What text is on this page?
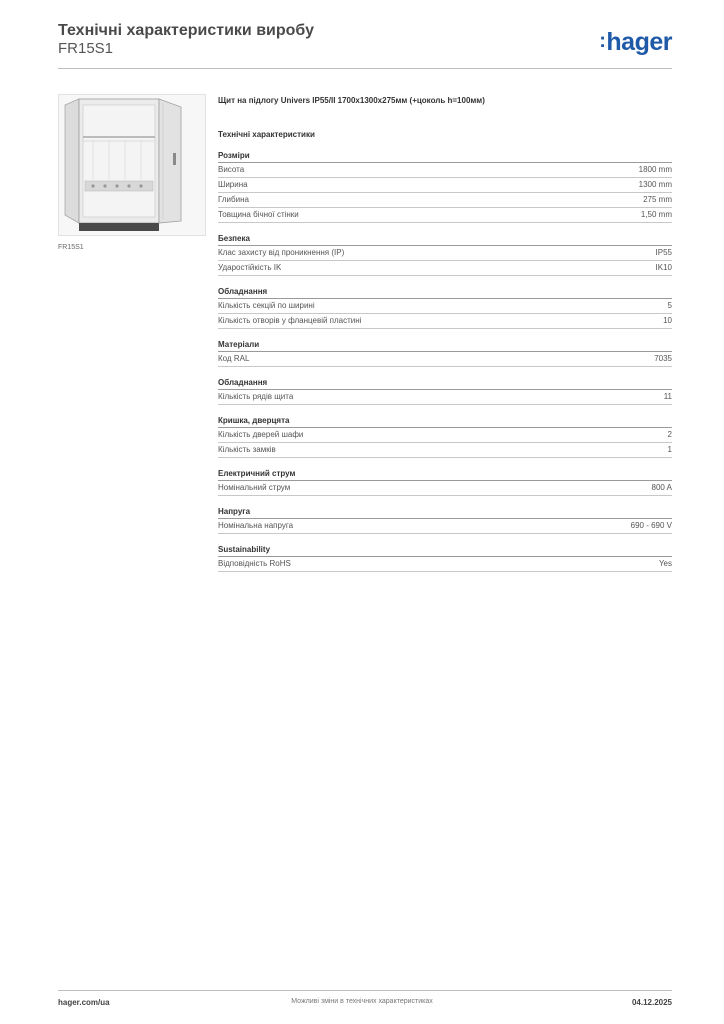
Технічні характеристики виробу
FR15S1	:hager
FR15S1
Щит на підлогу Univers IP55/II 1700x1300x275мм (+цоколь h=100мм)
Технічні характеристики
Розміри
Висота	1800 mm
Ширина	1300 mm
Глибина	275 mm
Товщина бічної стінки	1,50 mm
Безпека
Клас захисту від проникнення (IP)	IP55
Ударостійкість IK	IK10
Обладнання
Кількість секцій по ширині	5
Кількість отворів у фланцевій пластині	10
Матеріали
Код RAL	7035
Обладнання
Кількість рядів щита	11
Кришка, дверцята
Кількість дверей шафи	2
Кількість замків	1
Електричний струм
Номінальний струм	800 A
Напруга
Номінальна напруга	690 - 690 V
Sustainability
Відповідність RoHS	Yes
hager.com/ua	Можливі зміни в технічних характеристиках	04.12.2025
